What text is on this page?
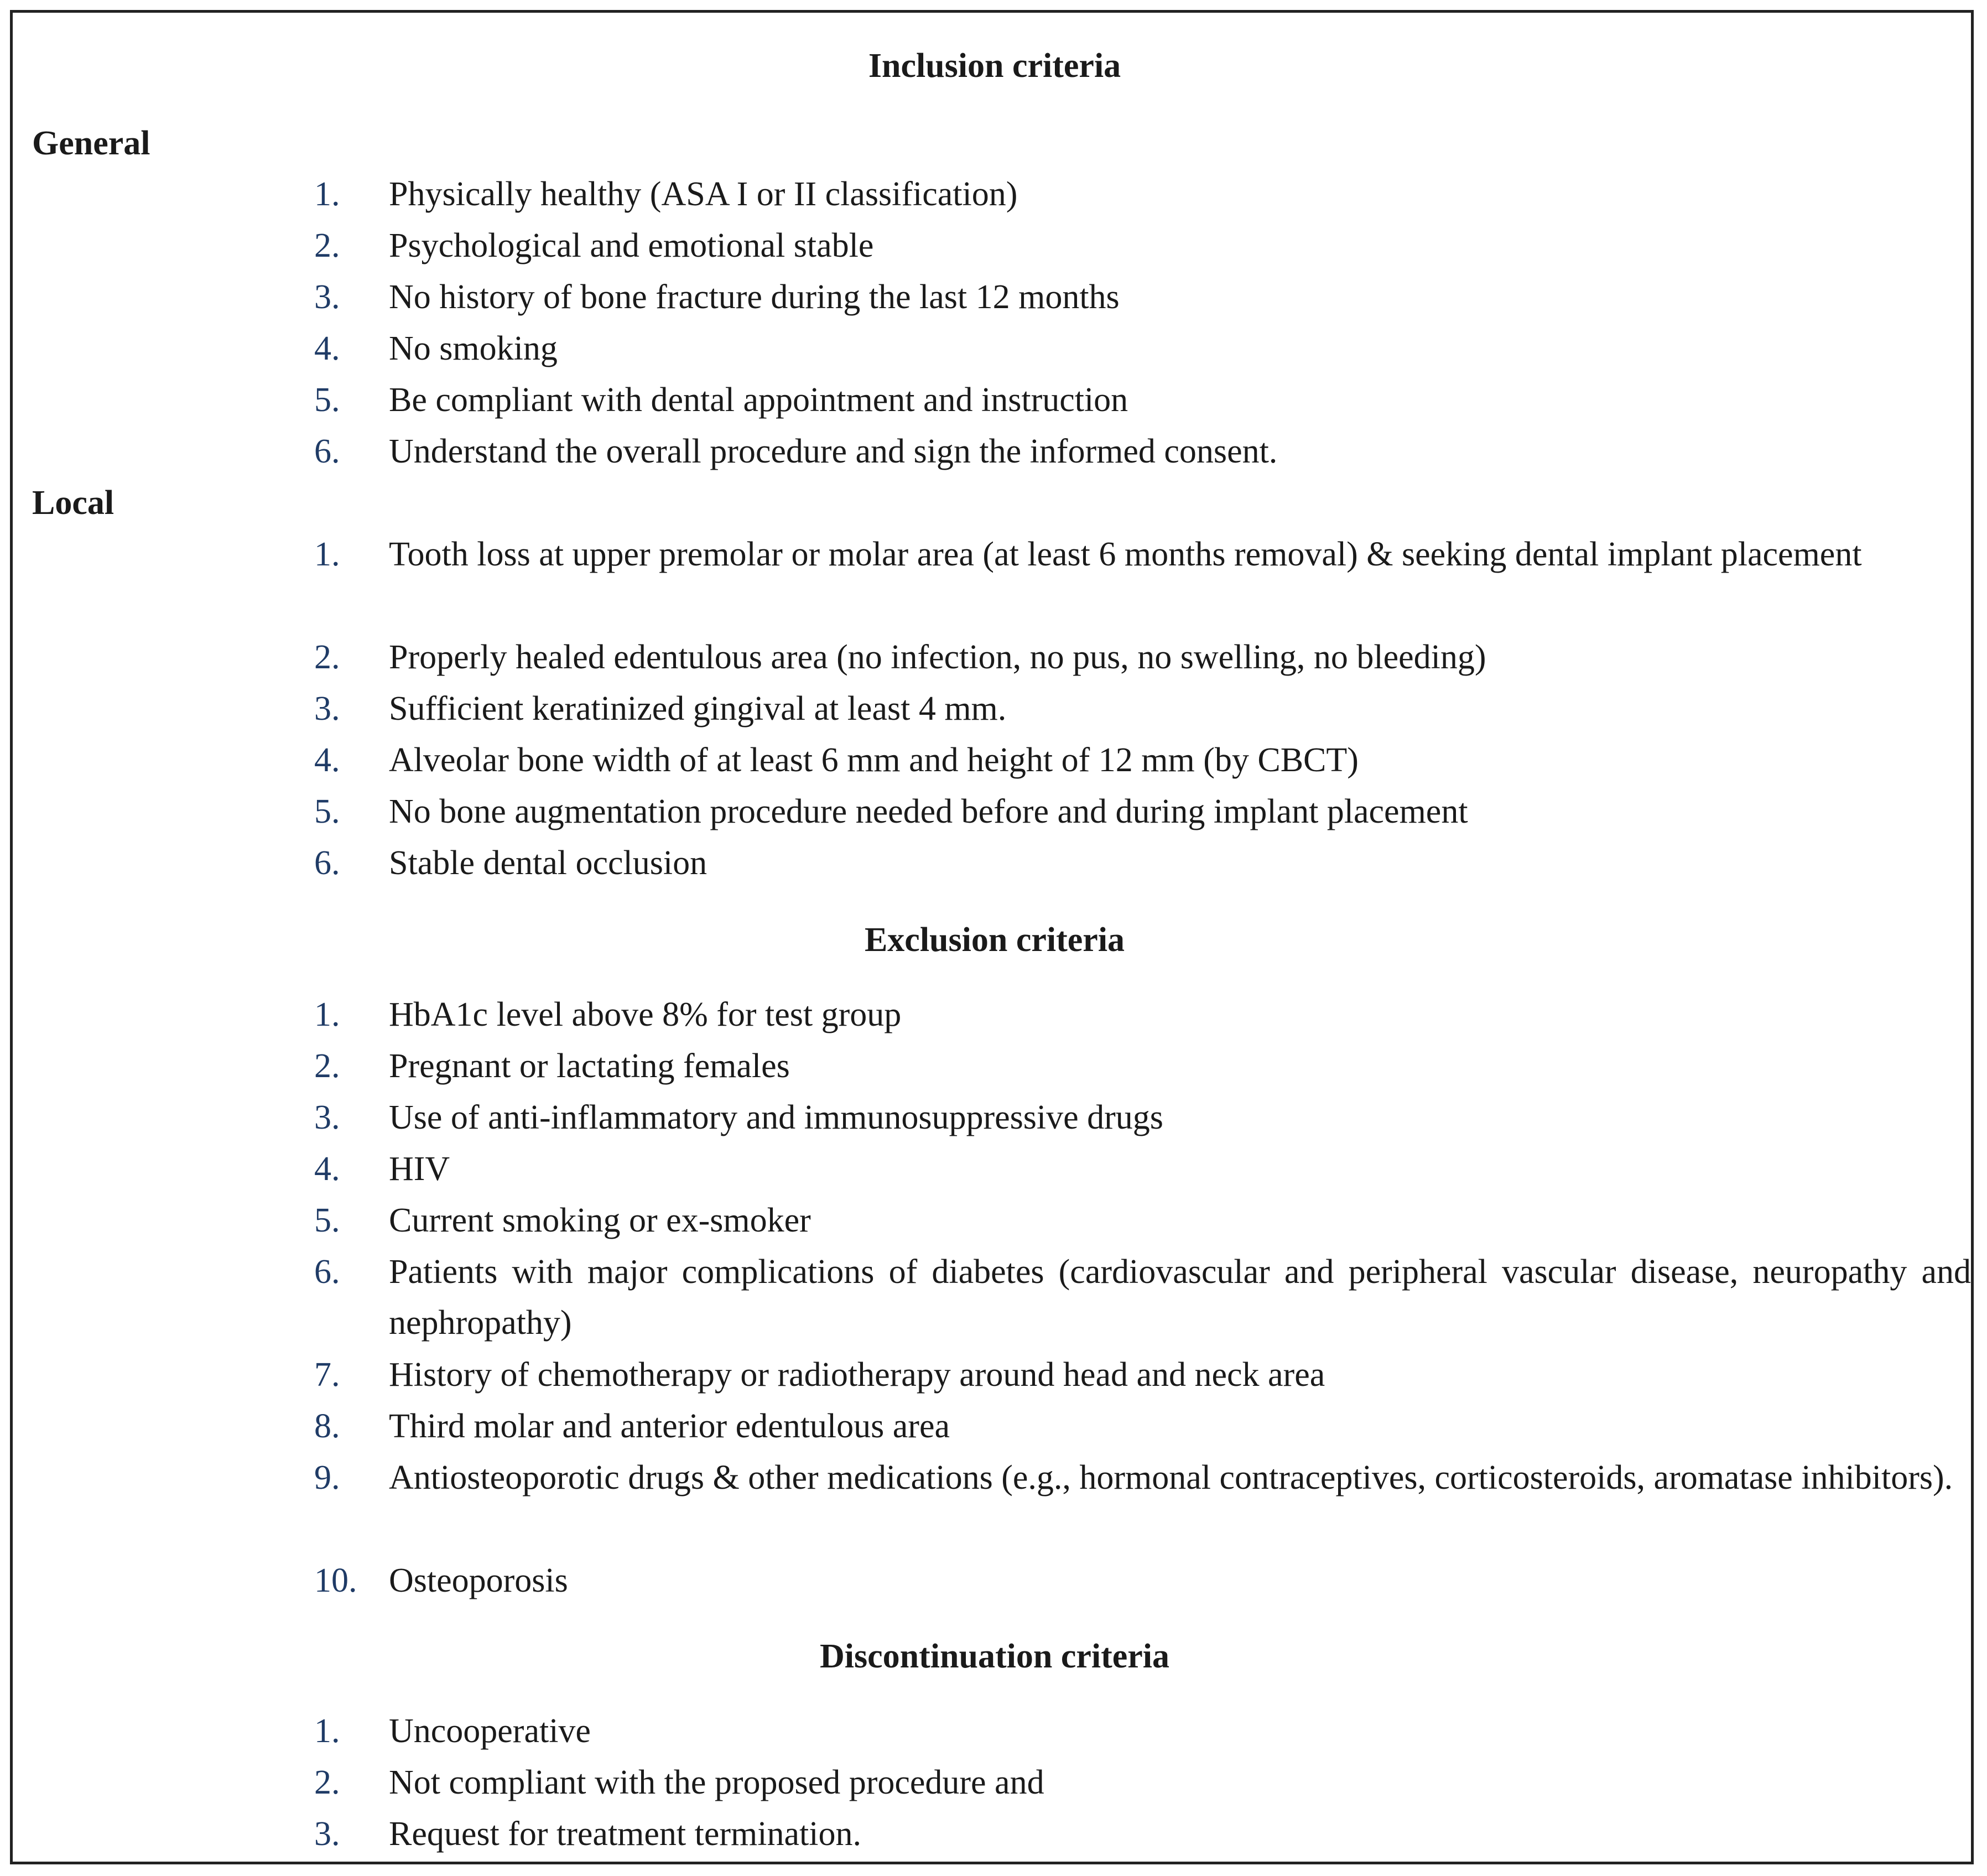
Inclusion criteria
General
1. Physically healthy (ASA I or II classification)
2. Psychological and emotional stable
3. No history of bone fracture during the last 12 months
4. No smoking
5. Be compliant with dental appointment and instruction
6. Understand the overall procedure and sign the informed consent.
Local
1. Tooth loss at upper premolar or molar area (at least 6 months removal) & seeking dental implant placement
2. Properly healed edentulous area (no infection, no pus, no swelling, no bleeding)
3. Sufficient keratinized gingival at least 4 mm.
4. Alveolar bone width of at least 6 mm and height of 12 mm (by CBCT)
5. No bone augmentation procedure needed before and during implant placement
6. Stable dental occlusion
Exclusion criteria
1. HbA1c level above 8% for test group
2. Pregnant or lactating females
3. Use of anti-inflammatory and immunosuppressive drugs
4. HIV
5. Current smoking or ex-smoker
6. Patients with major complications of diabetes (cardiovascular and peripheral vascular disease, neuropathy and nephropathy)
7. History of chemotherapy or radiotherapy around head and neck area
8. Third molar and anterior edentulous area
9. Antiosteoporotic drugs & other medications (e.g., hormonal contraceptives, corticosteroids, aromatase inhibitors).
10. Osteoporosis
Discontinuation criteria
1. Uncooperative
2. Not compliant with the proposed procedure and
3. Request for treatment termination.
